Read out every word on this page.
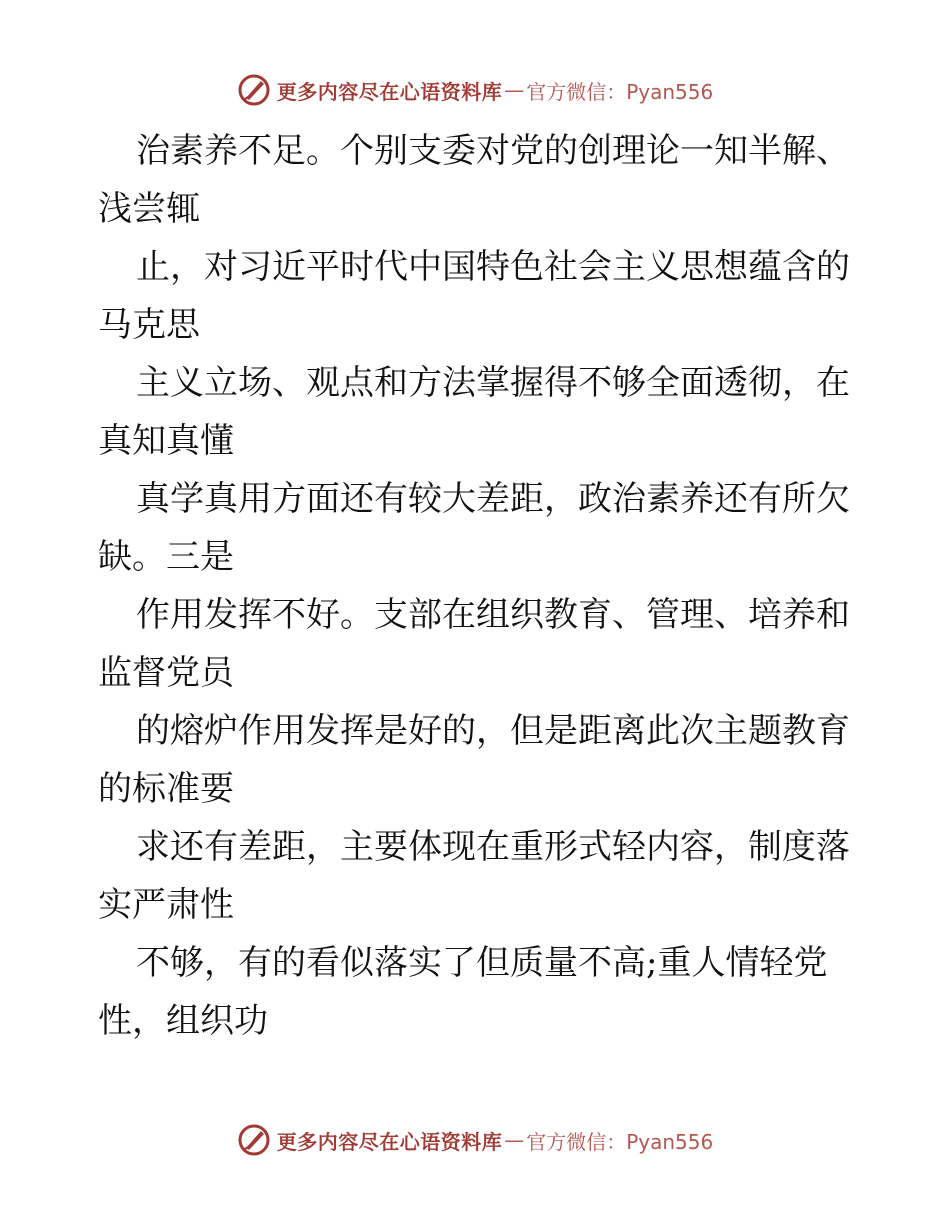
更多内容尽在心语资料库 — 官方微信：Pyan556
治素养不足。个别支委对党的创理论一知半解、
浅尝辄
止，对习近平时代中国特色社会主义思想蕴含的
马克思
主义立场、观点和方法掌握得不够全面透彻，在
真知真懂
真学真用方面还有较大差距，政治素养还有所欠
缺。三是
作用发挥不好。支部在组织教育、管理、培养和
监督党员
的熔炉作用发挥是好的，但是距离此次主题教育
的标准要
求还有差距，主要体现在重形式轻内容，制度落
实严肃性
不够，有的看似落实了但质量不高;重人情轻党
性，组织功
更多内容尽在心语资料库 — 官方微信：Pyan556
